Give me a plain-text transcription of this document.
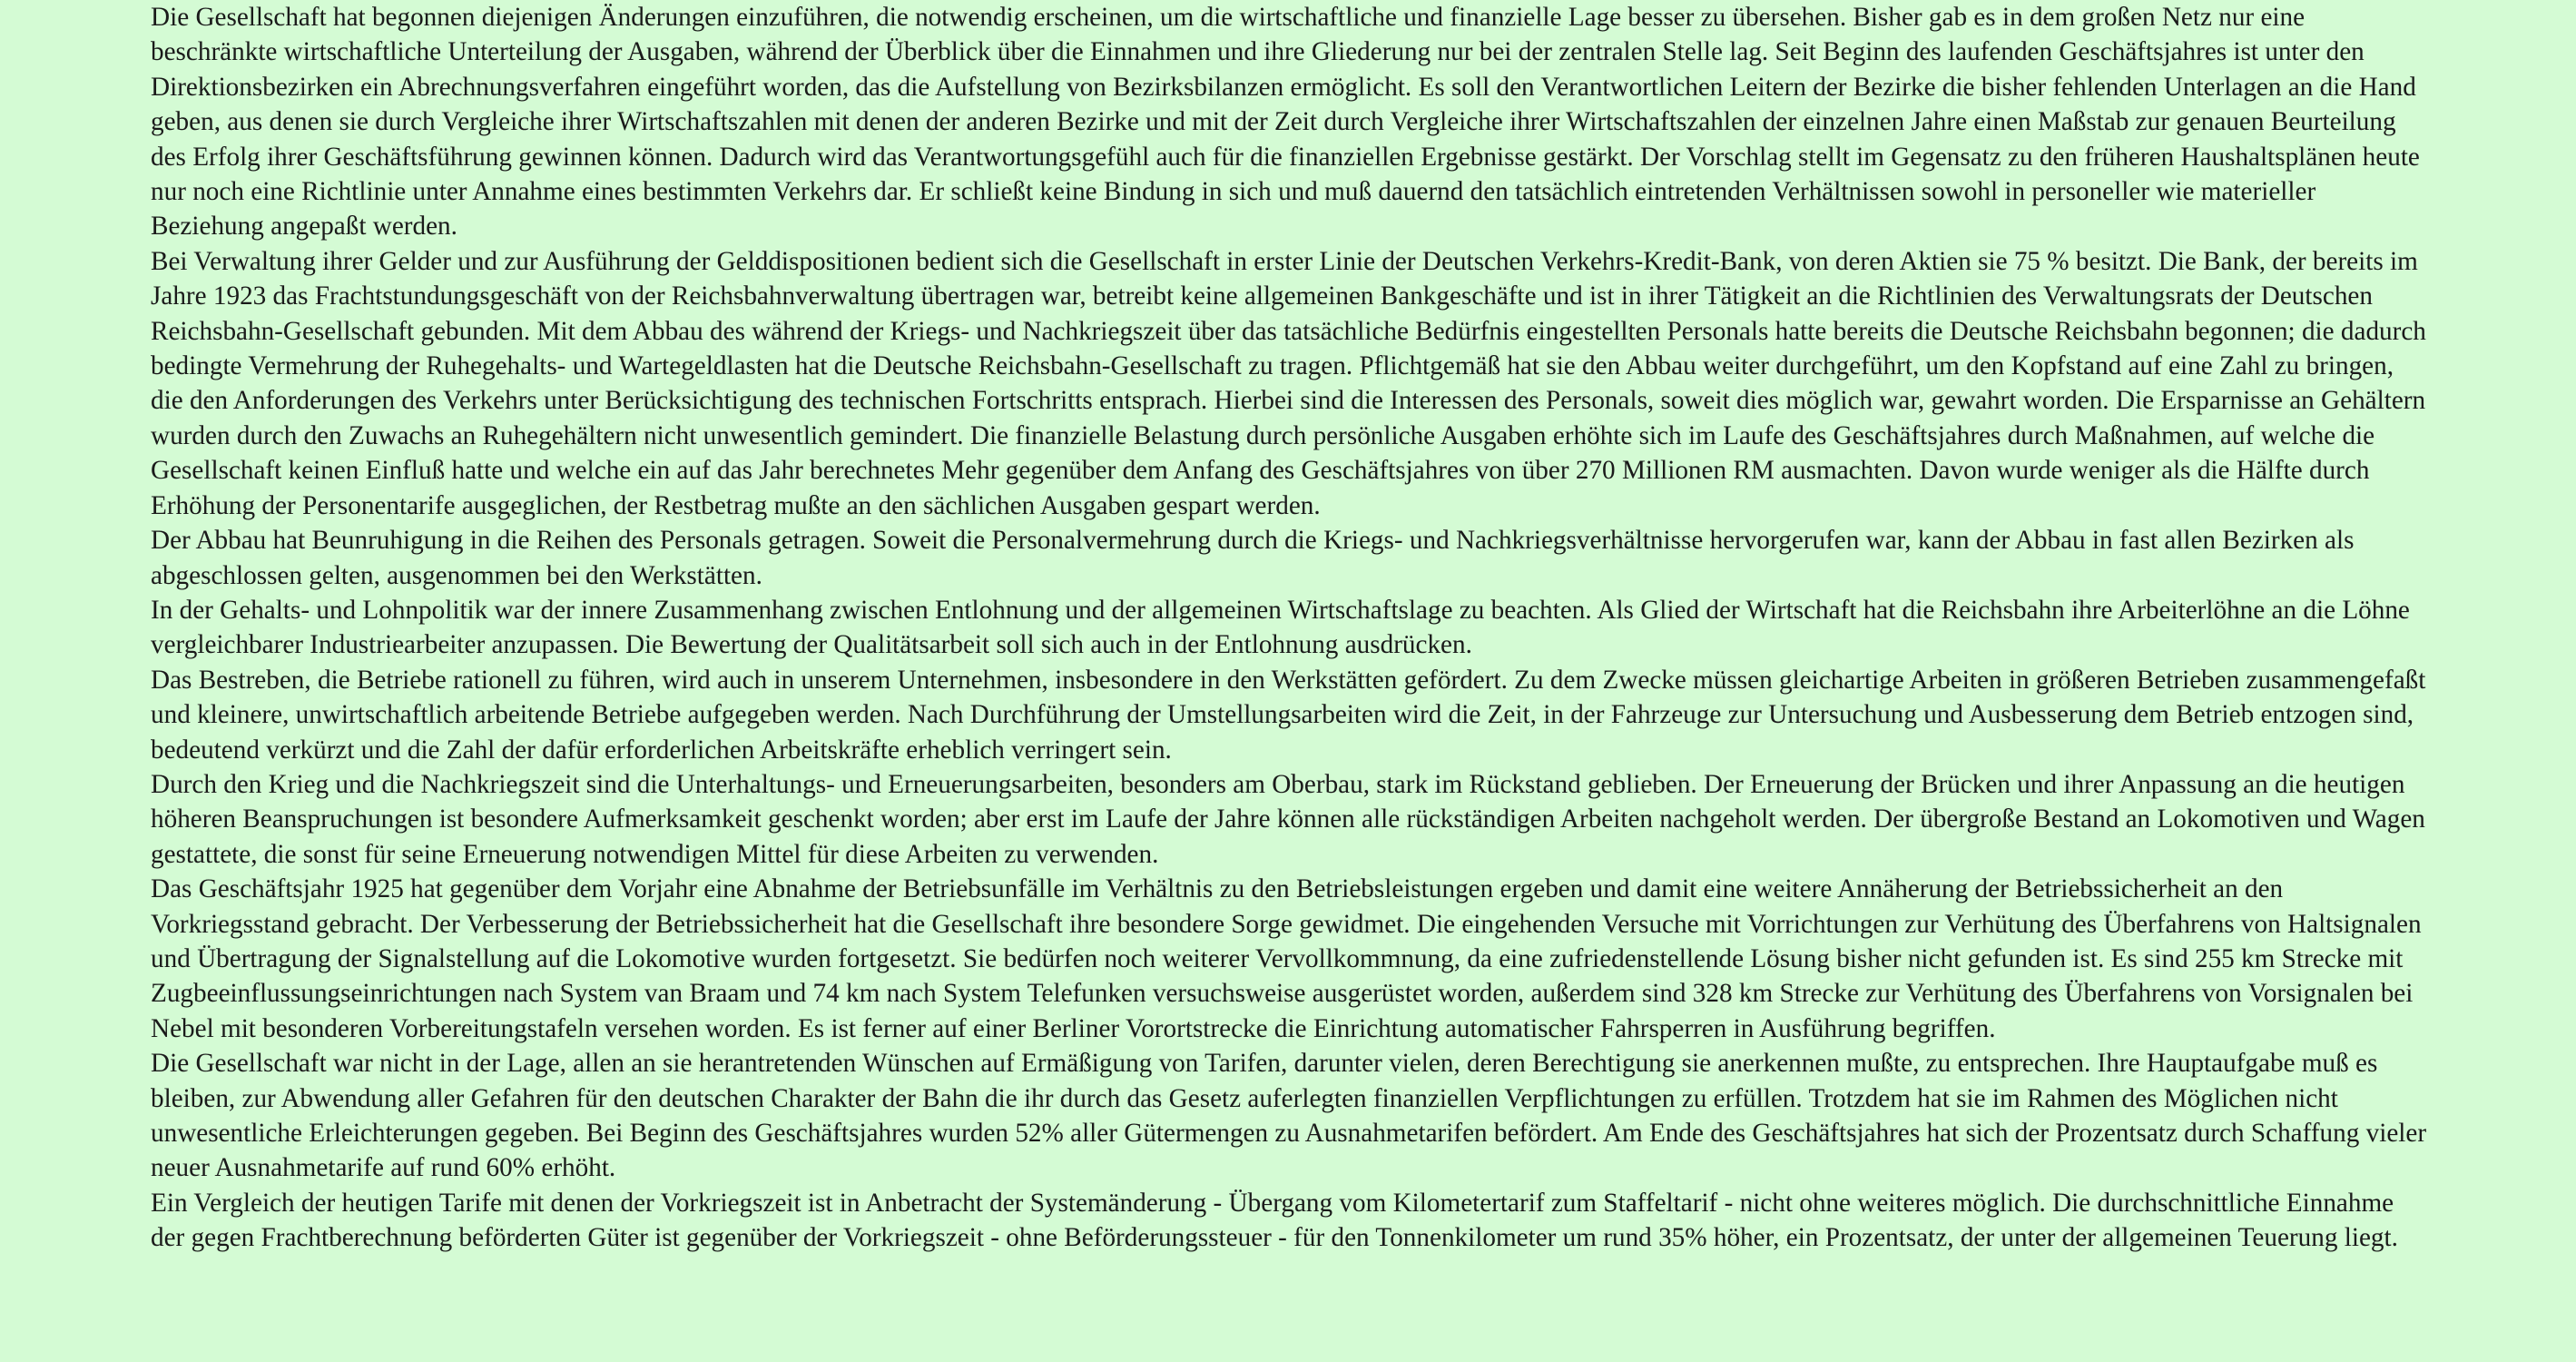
Die Gesellschaft hat begonnen diejenigen Änderungen einzuführen, die notwendig erscheinen, um die wirtschaftliche und finanzielle Lage besser zu übersehen. Bisher gab es in dem großen Netz nur eine beschränkte wirtschaftliche Unterteilung der Ausgaben, während der Überblick über die Einnahmen und ihre Gliederung nur bei der zentralen Stelle lag. Seit Beginn des laufenden Geschäftsjahres ist unter den Direktionsbezirken ein Abrechnungsverfahren eingeführt worden, das die Aufstellung von Bezirksbilanzen ermöglicht. Es soll den Verantwortlichen Leitern der Bezirke die bisher fehlenden Unterlagen an die Hand geben, aus denen sie durch Vergleiche ihrer Wirtschaftszahlen mit denen der anderen Bezirke und mit der Zeit durch Vergleiche ihrer Wirtschaftszahlen der einzelnen Jahre einen Maßstab zur genauen Beurteilung des Erfolg ihrer Geschäftsführung gewinnen können. Dadurch wird das Verantwortungsgefühl auch für die finanziellen Ergebnisse gestärkt. Der Vorschlag stellt im Gegensatz zu den früheren Haushaltsplänen heute nur noch eine Richtlinie unter Annahme eines bestimmten Verkehrs dar. Er schließt keine Bindung in sich und muß dauernd den tatsächlich eintretenden Verhältnissen sowohl in personeller wie materieller Beziehung angepaßt werden.

Bei Verwaltung ihrer Gelder und zur Ausführung der Gelddispositionen bedient sich die Gesellschaft in erster Linie der Deutschen Verkehrs-Kredit-Bank, von deren Aktien sie 75 % besitzt. Die Bank, der bereits im Jahre 1923 das Frachtstundungsgeschäft von der Reichsbahnverwaltung übertragen war, betreibt keine allgemeinen Bankgeschäfte und ist in ihrer Tätigkeit an die Richtlinien des Verwaltungsrats der Deutschen Reichsbahn-Gesellschaft gebunden. Mit dem Abbau des während der Kriegs- und Nachkriegszeit über das tatsächliche Bedürfnis eingestellten Personals hatte bereits die Deutsche Reichsbahn begonnen; die dadurch bedingte Vermehrung der Ruhegehalts- und Wartegeldlasten hat die Deutsche Reichsbahn-Gesellschaft zu tragen. Pflichtgemäß hat sie den Abbau weiter durchgeführt, um den Kopfstand auf eine Zahl zu bringen, die den Anforderungen des Verkehrs unter Berücksichtigung des technischen Fortschritts entsprach. Hierbei sind die Interessen des Personals, soweit dies möglich war, gewahrt worden. Die Ersparnisse an Gehältern wurden durch den Zuwachs an Ruhegehältern nicht unwesentlich gemindert. Die finanzielle Belastung durch persönliche Ausgaben erhöhte sich im Laufe des Geschäftsjahres durch Maßnahmen, auf welche die Gesellschaft keinen Einfluß hatte und welche ein auf das Jahr berechnetes Mehr gegenüber dem Anfang des Geschäftsjahres von über 270 Millionen RM ausmachten. Davon wurde weniger als die Hälfte durch Erhöhung der Personentarife ausgeglichen, der Restbetrag mußte an den sächlichen Ausgaben gespart werden.

Der Abbau hat Beunruhigung in die Reihen des Personals getragen. Soweit die Personalvermehrung durch die Kriegs- und Nachkriegsverhältnisse hervorgerufen war, kann der Abbau in fast allen Bezirken als abgeschlossen gelten, ausgenommen bei den Werkstätten.

In der Gehalts- und Lohnpolitik war der innere Zusammenhang zwischen Entlohnung und der allgemeinen Wirtschaftslage zu beachten. Als Glied der Wirtschaft hat die Reichsbahn ihre Arbeiterlöhne an die Löhne vergleichbarer Industriearbeiter anzupassen. Die Bewertung der Qualitätsarbeit soll sich auch in der Entlohnung ausdrücken.

Das Bestreben, die Betriebe rationell zu führen, wird auch in unserem Unternehmen, insbesondere in den Werkstätten gefördert. Zu dem Zwecke müssen gleichartige Arbeiten in größeren Betrieben zusammengefaßt und kleinere, unwirtschaftlich arbeitende Betriebe aufgegeben werden. Nach Durchführung der Umstellungsarbeiten wird die Zeit, in der Fahrzeuge zur Untersuchung und Ausbesserung dem Betrieb entzogen sind, bedeutend verkürzt und die Zahl der dafür erforderlichen Arbeitskräfte erheblich verringert sein.

Durch den Krieg und die Nachkriegszeit sind die Unterhaltungs- und Erneuerungsarbeiten, besonders am Oberbau, stark im Rückstand geblieben. Der Erneuerung der Brücken und ihrer Anpassung an die heutigen höheren Beanspruchungen ist besondere Aufmerksamkeit geschenkt worden; aber erst im Laufe der Jahre können alle rückständigen Arbeiten nachgeholt werden. Der übergroße Bestand an Lokomotiven und Wagen gestattete, die sonst für seine Erneuerung notwendigen Mittel für diese Arbeiten zu verwenden.

Das Geschäftsjahr 1925 hat gegenüber dem Vorjahr eine Abnahme der Betriebsunfälle im Verhältnis zu den Betriebsleistungen ergeben und damit eine weitere Annäherung der Betriebssicherheit an den Vorkriegsstand gebracht. Der Verbesserung der Betriebssicherheit hat die Gesellschaft ihre besondere Sorge gewidmet. Die eingehenden Versuche mit Vorrichtungen zur Verhütung des Überfahrens von Haltsignalen und Übertragung der Signalstellung auf die Lokomotive wurden fortgesetzt. Sie bedürfen noch weiterer Vervollkommnung, da eine zufriedenstellende Lösung bisher nicht gefunden ist. Es sind 255 km Strecke mit Zugbeeinflussungseinrichtungen nach System van Braam und 74 km nach System Telefunken versuchsweise ausgerüstet worden, außerdem sind 328 km Strecke zur Verhütung des Überfahrens von Vorsignalen bei Nebel mit besonderen Vorbereitungstafeln versehen worden. Es ist ferner auf einer Berliner Vorortstrecke die Einrichtung automatischer Fahrsperren in Ausführung begriffen.

Die Gesellschaft war nicht in der Lage, allen an sie herantretenden Wünschen auf Ermäßigung von Tarifen, darunter vielen, deren Berechtigung sie anerkennen mußte, zu entsprechen. Ihre Hauptaufgabe muß es bleiben, zur Abwendung aller Gefahren für den deutschen Charakter der Bahn die ihr durch das Gesetz auferlegten finanziellen Verpflichtungen zu erfüllen. Trotzdem hat sie im Rahmen des Möglichen nicht unwesentliche Erleichterungen gegeben. Bei Beginn des Geschäftsjahres wurden 52% aller Gütermengen zu Ausnahmetarifen befördert. Am Ende des Geschäftsjahres hat sich der Prozentsatz durch Schaffung vieler neuer Ausnahmetarife auf rund 60% erhöht.

Ein Vergleich der heutigen Tarife mit denen der Vorkriegszeit ist in Anbetracht der Systemänderung - Übergang vom Kilometertarif zum Staffeltarif - nicht ohne weiteres möglich. Die durchschnittliche Einnahme der gegen Frachtberechnung beförderten Güter ist gegenüber der Vorkriegszeit - ohne Beförderungssteuer - für den Tonnenkilometer um rund 35% höher, ein Prozentsatz, der unter der allgemeinen Teuerung liegt.
